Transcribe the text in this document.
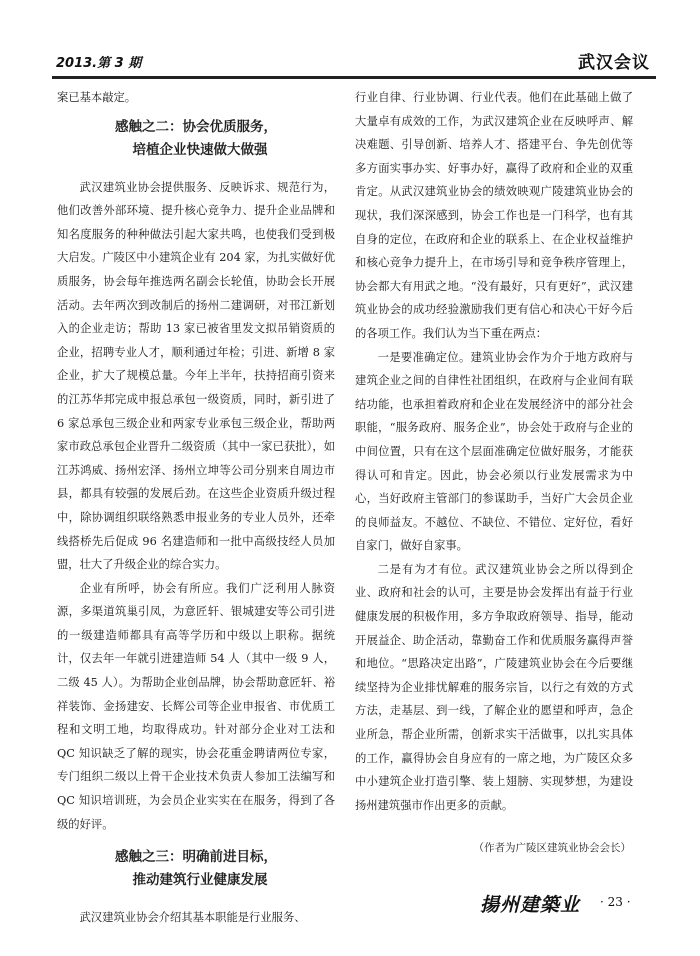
2013.第 3 期	武汉会议

案已基本敲定。

感触之二：协会优质服务，
培植企业快速做大做强

武汉建筑业协会提供服务、反映诉求、规范行为，他们改善外部环境、提升核心竞争力、提升企业品牌和知名度服务的种种做法引起大家共鸣，也使我们受到极大启发。广陵区中小建筑企业有 204 家，为扎实做好优质服务，协会每年推选两名副会长轮值，协助会长开展活动。去年两次到改制后的扬州二建调研，对邗江新划入的企业走访；帮助 13 家已被省里发文拟吊销资质的企业，招聘专业人才，顺利通过年检；引进、新增 8 家企业，扩大了规模总量。今年上半年，扶持招商引资来的江苏华邦完成申报总承包一级资质，同时，新引进了 6 家总承包三级企业和两家专业承包三级企业，帮助两家市政总承包企业晋升二级资质（其中一家已获批），如江苏鸿威、扬州宏泽、扬州立坤等公司分别来自周边市县，都具有较强的发展后劲。在这些企业资质升级过程中，除协调组织联络熟悉申报业务的专业人员外，还牵线搭桥先后促成 96 名建造师和一批中高级技经人员加盟，壮大了升级企业的综合实力。

企业有所呼，协会有所应。我们广泛利用人脉资源，多渠道筑巢引凤，为意匠轩、银城建安等公司引进的一级建造师都具有高等学历和中级以上职称。据统计，仅去年一年就引进建造师 54 人（其中一级 9 人，二级 45 人）。为帮助企业创品牌，协会帮助意匠轩、裕祥装饰、金扬建安、长辉公司等企业申报省、市优质工程和文明工地，均取得成功。针对部分企业对工法和 QC 知识缺乏了解的现实，协会花重金聘请两位专家，专门组织二级以上骨干企业技术负责人参加工法编写和 QC 知识培训班，为会员企业实实在在服务，得到了各级的好评。

感触之三：明确前进目标，
推动建筑行业健康发展

武汉建筑业协会介绍其基本职能是行业服务、

行业自律、行业协调、行业代表。他们在此基础上做了大量卓有成效的工作，为武汉建筑企业在反映呼声、解决难题、引导创新、培养人才、搭建平台、争先创优等多方面实事办实、好事办好，赢得了政府和企业的双重肯定。从武汉建筑业协会的绩效映观广陵建筑业协会的现状，我们深深感到，协会工作也是一门科学，也有其自身的定位，在政府和企业的联系上、在企业权益维护和核心竞争力提升上，在市场引导和竞争秩序管理上，协会都大有用武之地。“没有最好，只有更好”，武汉建筑业协会的成功经验激励我们更有信心和决心干好今后的各项工作。我们认为当下重在两点：

一是要准确定位。建筑业协会作为介于地方政府与建筑企业之间的自律性社团组织，在政府与企业间有联结功能，也承担着政府和企业在发展经济中的部分社会职能，“服务政府、服务企业”，协会处于政府与企业的中间位置，只有在这个层面准确定位做好服务，才能获得认可和肯定。因此，协会必须以行业发展需求为中心，当好政府主管部门的参谋助手，当好广大会员企业的良师益友。不越位、不缺位、不错位、定好位，看好自家门，做好自家事。

二是有为才有位。武汉建筑业协会之所以得到企业、政府和社会的认可，主要是协会发挥出有益于行业健康发展的积极作用，多方争取政府领导、指导，能动开展益企、助企活动，靠勤奋工作和优质服务赢得声誉和地位。“思路决定出路”，广陵建筑业协会在今后要继续坚持为企业排忧解难的服务宗旨，以行之有效的方式方法，走基层、到一线，了解企业的愿望和呼声，急企业所急，帮企业所需，创新求实干活做事，以扎实具体的工作，赢得协会自身应有的一席之地，为广陵区众多中小建筑企业打造引擎、装上翅膀、实现梦想，为建设扬州建筑强市作出更多的贡献。

（作者为广陵区建筑业协会会长）
揚州建築业 · 23 ·
